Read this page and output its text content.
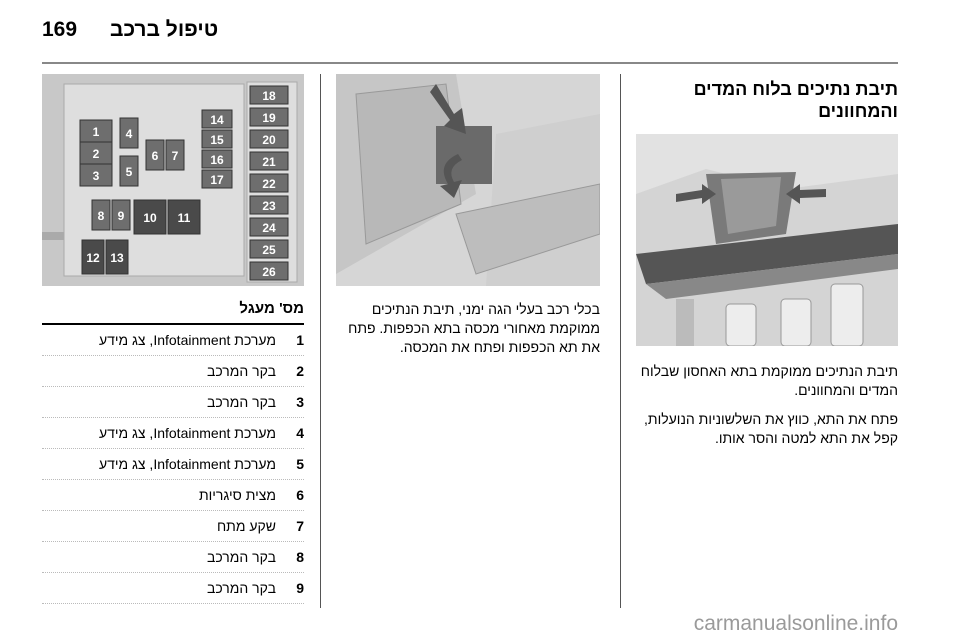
169 טיפול ברכב
תיבת נתיכים בלוח המדים והמחוונים
תיבת הנתיכים ממוקמת בתא האחסון שבלוח המדים והמחוונים.
פתח את התא, כווץ את השלשוניות הנועלות, קפל את התא למטה והסר אותו.
בכלי רכב בעלי הגה ימני, תיבת הנתיכים ממוקמת מאחורי מכסה בתא הכפפות. פתח את תא הכפפות ופתח את המכסה.
1
2
3
4
5
6 7
8 9 10 11
12 13
14
15
16
17
18
19
20
21
22
23
24
25
26
מס' מעגל
1
מערכת Infotainment, צג מידע
2
בקר המרכב
3
בקר המרכב
4
מערכת Infotainment, צג מידע
5
מערכת Infotainment, צג מידע
6
מצית סיגריות
7
שקע מתח
8
בקר המרכב
9
בקר המרכב
carmanualsonline.info
